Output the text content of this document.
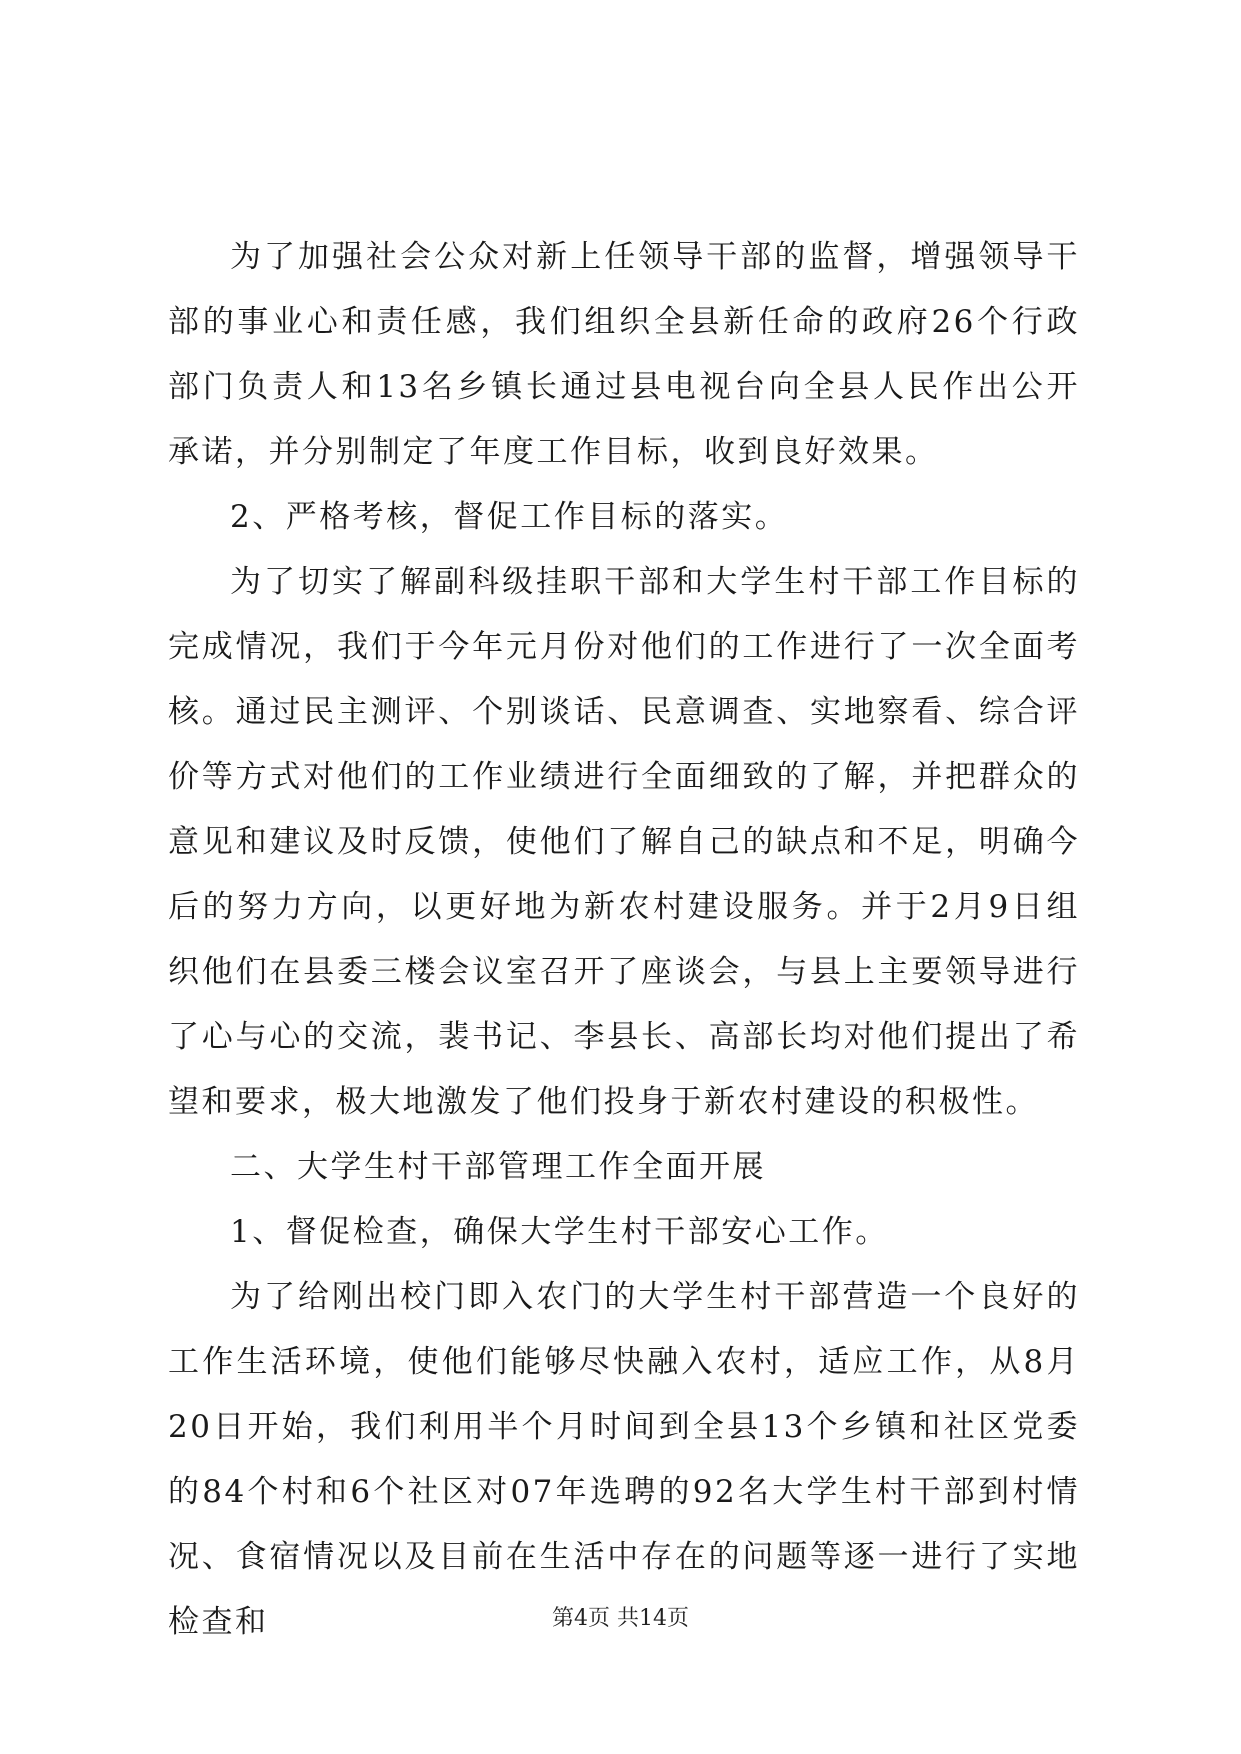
为了加强社会公众对新上任领导干部的监督，增强领导干部的事业心和责任感，我们组织全县新任命的政府26个行政部门负责人和13名乡镇长通过县电视台向全县人民作出公开承诺，并分别制定了年度工作目标，收到良好效果。

2、严格考核，督促工作目标的落实。

为了切实了解副科级挂职干部和大学生村干部工作目标的完成情况，我们于今年元月份对他们的工作进行了一次全面考核。通过民主测评、个别谈话、民意调查、实地察看、综合评价等方式对他们的工作业绩进行全面细致的了解，并把群众的意见和建议及时反馈，使他们了解自己的缺点和不足，明确今后的努力方向，以更好地为新农村建设服务。并于2月9日组织他们在县委三楼会议室召开了座谈会，与县上主要领导进行了心与心的交流，裴书记、李县长、高部长均对他们提出了希望和要求，极大地激发了他们投身于新农村建设的积极性。

二、大学生村干部管理工作全面开展

1、督促检查，确保大学生村干部安心工作。

为了给刚出校门即入农门的大学生村干部营造一个良好的工作生活环境，使他们能够尽快融入农村，适应工作，从8月20日开始，我们利用半个月时间到全县13个乡镇和社区党委的84个村和6个社区对07年选聘的92名大学生村干部到村情况、食宿情况以及目前在生活中存在的问题等逐一进行了实地检查和	第4页 共14页
